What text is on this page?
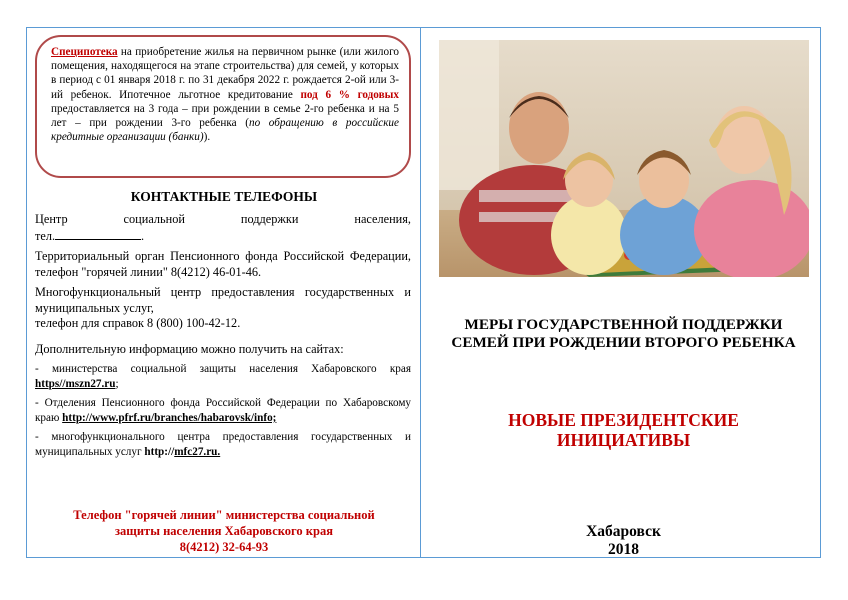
Специпотека на приобретение жилья на первичном рынке (или жилого помещения, находящегося на этапе строительства) для семей, у которых в период с 01 января 2018 г. по 31 декабря 2022 г. рождается 2-ой или 3-ий ребенок. Ипотечное льготное кредитование под 6 % годовых предоставляется на 3 года – при рождении в семье 2-го ребенка и на 5 лет – при рождении 3-го ребенка (по обращению в российские кредитные организации (банки)).
КОНТАКТНЫЕ ТЕЛЕФОНЫ
Центр	социальной	поддержки	населения,
тел.	.
Территориальный орган Пенсионного фонда Российской Федерации, телефон "горячей линии" 8(4212) 46-01-46.
Многофункциональный центр предоставления государственных и муниципальных услуг,
телефон для справок 8 (800) 100-42-12.
Дополнительную информацию можно получить на сайтах:
- министерства социальной защиты населения Хабаровского края https//mszn27.ru;
- Отделения Пенсионного фонда Российской Федерации по Хабаровскому краю http://www.pfrf.ru/branches/habarovsk/info;
- многофункционального центра предоставления государственных и муниципальных услуг http://mfc27.ru.
Телефон "горячей линии" министерства социальной
защиты населения Хабаровского края
8(4212) 32-64-93
МЕРЫ ГОСУДАРСТВЕННОЙ ПОДДЕРЖКИ СЕМЕЙ ПРИ РОЖДЕНИИ ВТОРОГО РЕБЕНКА
НОВЫЕ ПРЕЗИДЕНТСКИЕ ИНИЦИАТИВЫ
Хабаровск
2018
